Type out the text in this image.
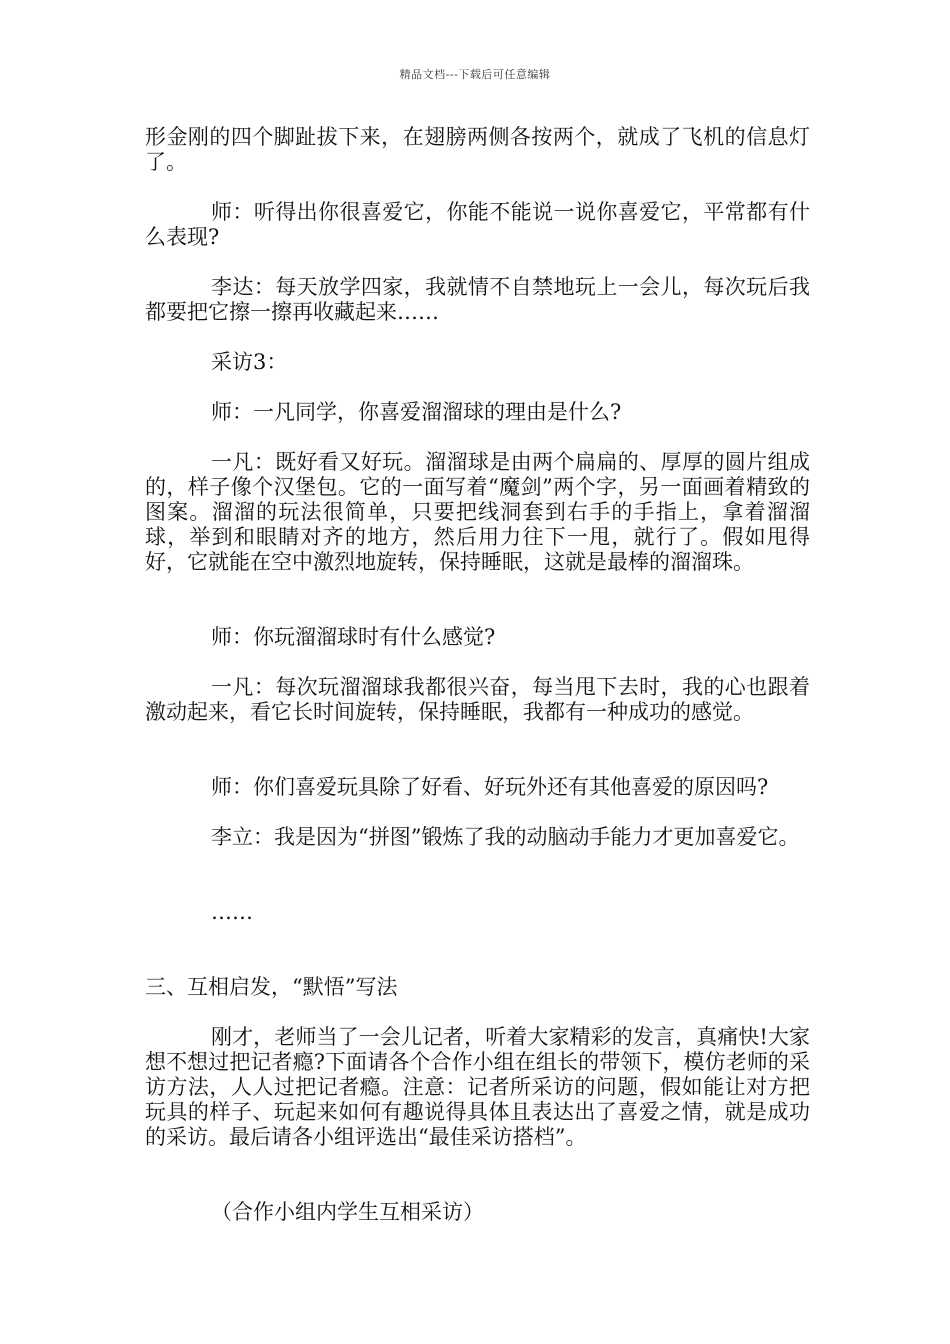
精品文档---下载后可任意编辑
形金刚的四个脚趾拔下来，在翅膀两侧各按两个，就成了飞机的信息灯了。
师：听得出你很喜爱它，你能不能说一说你喜爱它，平常都有什么表现?
李达：每天放学四家，我就情不自禁地玩上一会儿，每次玩后我都要把它擦一擦再收藏起来……
采访3：
师：一凡同学，你喜爱溜溜球的理由是什么?
一凡：既好看又好玩。溜溜球是由两个扁扁的、厚厚的圆片组成的，样子像个汉堡包。它的一面写着“魔剑”两个字，另一面画着精致的图案。溜溜的玩法很简单，只要把线洞套到右手的手指上，拿着溜溜球，举到和眼睛对齐的地方，然后用力往下一甩，就行了。假如甩得好，它就能在空中激烈地旋转，保持睡眠，这就是最棒的溜溜珠。
师：你玩溜溜球时有什么感觉?
一凡：每次玩溜溜球我都很兴奋，每当甩下去时，我的心也跟着激动起来，看它长时间旋转，保持睡眠，我都有一种成功的感觉。
师：你们喜爱玩具除了好看、好玩外还有其他喜爱的原因吗?
李立：我是因为“拼图”锻炼了我的动脑动手能力才更加喜爱它。
……
三、互相启发，“默悟”写法
刚才，老师当了一会儿记者，听着大家精彩的发言，真痛快!大家想不想过把记者瘾?下面请各个合作小组在组长的带领下，模仿老师的采访方法，人人过把记者瘾。注意：记者所采访的问题，假如能让对方把玩具的样子、玩起来如何有趣说得具体且表达出了喜爱之情，就是成功的采访。最后请各小组评选出“最佳采访搭档”。
（合作小组内学生互相采访）
